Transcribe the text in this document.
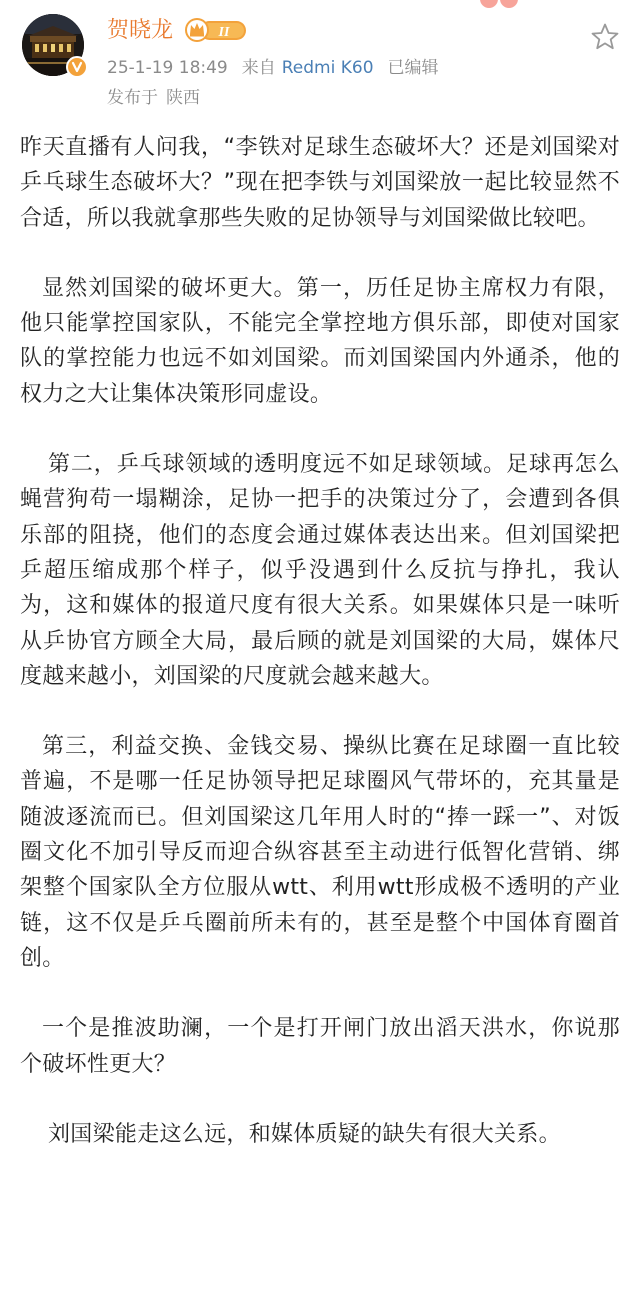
贺晓龙	II
25-1-19 18:49 来自 Redmi K60 已编辑
发布于 陕西

昨天直播有人问我，“李铁对足球生态破坏大？还是刘国梁对乒乓球生态破坏大？”现在把李铁与刘国梁放一起比较显然不合适，所以我就拿那些失败的足协领导与刘国梁做比较吧。

显然刘国梁的破坏更大。第一，历任足协主席权力有限，他只能掌控国家队，不能完全掌控地方俱乐部，即使对国家队的掌控能力也远不如刘国梁。而刘国梁国内外通杀，他的权力之大让集体决策形同虚设。

第二，乒乓球领域的透明度远不如足球领域。足球再怎么蝇营狗苟一塌糊涂，足协一把手的决策过分了，会遭到各俱乐部的阻挠，他们的态度会通过媒体表达出来。但刘国梁把乒超压缩成那个样子，似乎没遇到什么反抗与挣扎，我认为，这和媒体的报道尺度有很大关系。如果媒体只是一味听从乒协官方顾全大局，最后顾的就是刘国梁的大局，媒体尺度越来越小，刘国梁的尺度就会越来越大。

第三，利益交换、金钱交易、操纵比赛在足球圈一直比较普遍，不是哪一任足协领导把足球圈风气带坏的，充其量是随波逐流而已。但刘国梁这几年用人时的“捧一踩一”、对饭圈文化不加引导反而迎合纵容甚至主动进行低智化营销、绑架整个国家队全方位服从wtt、利用wtt形成极不透明的产业链，这不仅是乒乓圈前所未有的，甚至是整个中国体育圈首创。

一个是推波助澜，一个是打开闸门放出滔天洪水，你说那个破坏性更大？

刘国梁能走这么远，和媒体质疑的缺失有很大关系。
